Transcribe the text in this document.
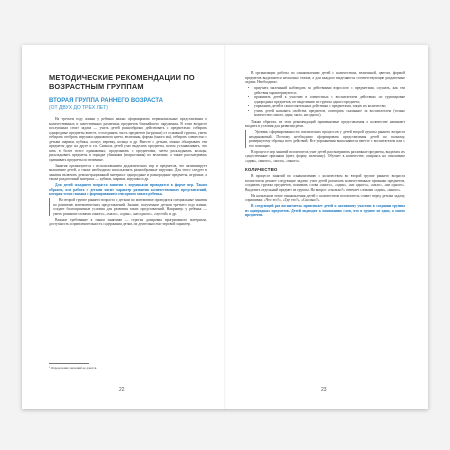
МЕТОДИЧЕСКИЕ РЕКОМЕНДАЦИИ ПО ВОЗРАСТНЫМ ГРУППАМ
ВТОРАЯ ГРУППА РАННЕГО ВОЗРАСТА
(ОТ ДВУХ ДО ТРЕХ ЛЕТ)

На третьем году жизни у ребенка важно сформировать первоначальные представления о количественных и качественных различиях предметов ближайшего окружения. В этом возрасте послушным стоит задача — учить детей разнообразно действовать с предметами: собирать однородные предметы вместе, отсоединять часть предметов (игрушки) от основной группы, уметь отбирать отобрать игрушки одинакового цвета, величины, формы (много мя), отбирать совместно с детьми шарики, кубики, лоскут, веревку, кольца и др. Вместе с детьми, можно обыгрывать эти предметы друг на друге и т.п. Сначала детей учат выделять предметы, потом устанавливать, что пять в более всего одинаковых; проделывать с предметами, затем раскладывать кольцы, раскладывать предметы в порядке убывания (возрастания) по величине, а также рассматривать сравнивать предметы по величине.

Занятия организуются с использованием дидактических игр и предметов, что активизирует мышление детей, а также необходимо использовать разнообразные игрушки. Для этого следует в занятия включать демонстрационный материал: однородные и разнородные предметы, игрушки; а также раздаточный материал — кубики, шарики, игрушки и др.

Для детей младшего возраста занятия с игрушками проводятся в форме игр. Таким образом, вся работа с детьми носит характер развития количественных представлений, которая тесно связана с формированием сенсорного опыта ребенка.

Во второй группе раннего возраста с детьми по математике проводятся специальные занятия по развитию математических представлений. Знание, полученное детьми третьего года жизни, создает благоприятные условия для развития таких представлений. Например: у ребенка — уметь разными словами «много», «мало», «один», «ни одного», «пустой» и др.

Важное требование к таким занятиям — строгая дозировка программного материала, доступность и привлекательность содержания детям, их деятельностно-игровой характер.

¹ Определения значений не даются.
22

В организации работы по ознакомлению детей с количеством, величиной, цветом, формой предметов выделяются несколько этапов, а для каждого выделяются соответствующие раздаточные задачи. Необходимо:

• приучать маленький наблюдать за действиями взрослого с предметами, слушать, как эти действия характеризуются;
• проживать детей к участию в совместных с воспитателем действиях по группировке однородных предметов, по выделению из группы одного предмета;
• упражнять детей в самостоятельных действиях с предметами, такую их количество;
• учить детей называть свойства предметов, повторять сказанное за воспитателем (только количество: много, один, мало, ни одного).

Таким образом, из этих рекомендаций применяемые представления о количестве начинают входить в условия для развития речи.

Уровень сформированности психических процессов у детей второй группы раннего возраста неодинаковый. Поэтому необходимо сформировать представления детей по полному, развернутому образца всех действий. Все упражнения выполняются вместе с воспитателем или с его помощью.

В процессе игр занятий воспитатель учит детей рассматривать различные предметы, выделять их существенные признаки (цвет, форму, величину). Обучает в количестве, опираясь на отношение «один», «много», «мало», «много».

КОЛИЧЕСТВО

В процессе занятий по ознакомлению с количеством во второй группе раннего возраста воспитатель решает следующие задачи: учит детей различать количественные признаки предметов, создавать группы предметов, понимать слова «много», «один», «ни одного», «мало», «ни одного». Выделять отдельный предмет из группы. На вопрос «сколько?» отвечает словами «один», «много».

На начальном этапе ознакомления детей с количеством воспитатель ставит перед детьми задачу, спрашивая: «Что это?», «Где это?», «Сколько?».

В следующей раз воспитатель привлекает детей к активному участию в создании группы из однородных предметов. Детей подводят к пониманию слов, что в группе не один, а много предметов.

23
